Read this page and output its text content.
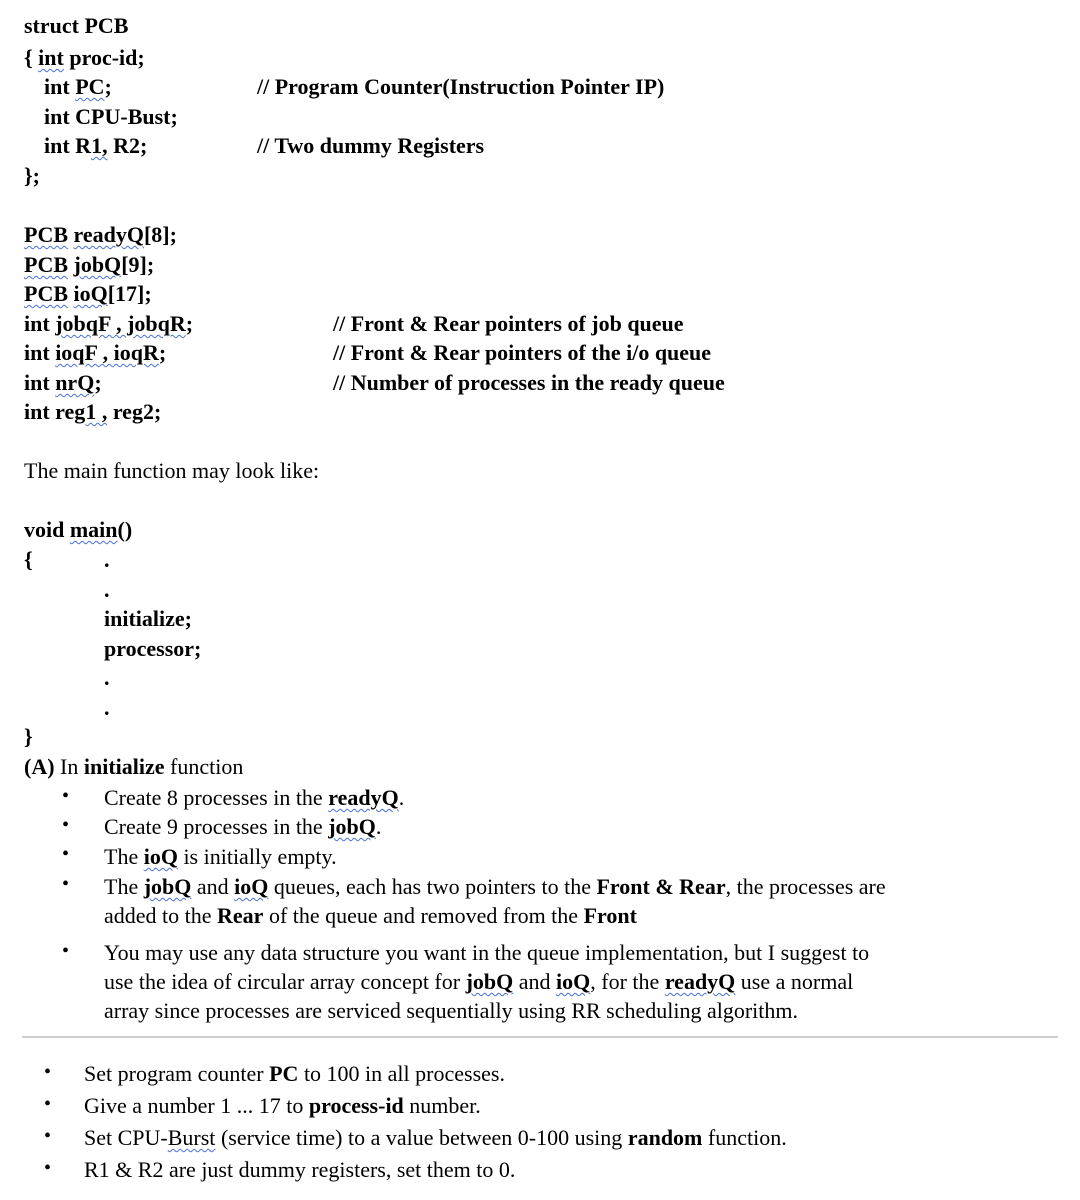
struct PCB
{ int proc-id;
int PC;	// Program Counter(Instruction Pointer IP)
int CPU-Bust;
int R1, R2;	// Two dummy Registers
};
PCB readyQ[8];
PCB jobQ[9];
PCB ioQ[17];
int jobqF , jobqR;	// Front & Rear pointers of job queue
int ioqF , ioqR;	// Front & Rear pointers of the i/o queue
int nrQ;	// Number of processes in the ready queue
int reg1 , reg2;
The main function may look like:
void main()
{	.
.
initialize;
processor;
.
.
}
(A) In initialize function
• Create 8 processes in the readyQ.
• Create 9 processes in the jobQ.
• The ioQ is initially empty.
• The jobQ and ioQ queues, each has two pointers to the Front & Rear, the processes are
added to the Rear of the queue and removed from the Front
• You may use any data structure you want in the queue implementation, but I suggest to
use the idea of circular array concept for jobQ and ioQ, for the readyQ use a normal
array since processes are serviced sequentially using RR scheduling algorithm.
• Set program counter PC to 100 in all processes.
• Give a number 1 ... 17 to process-id number.
• Set CPU-Burst (service time) to a value between 0-100 using random function.
• R1 & R2 are just dummy registers, set them to 0.
